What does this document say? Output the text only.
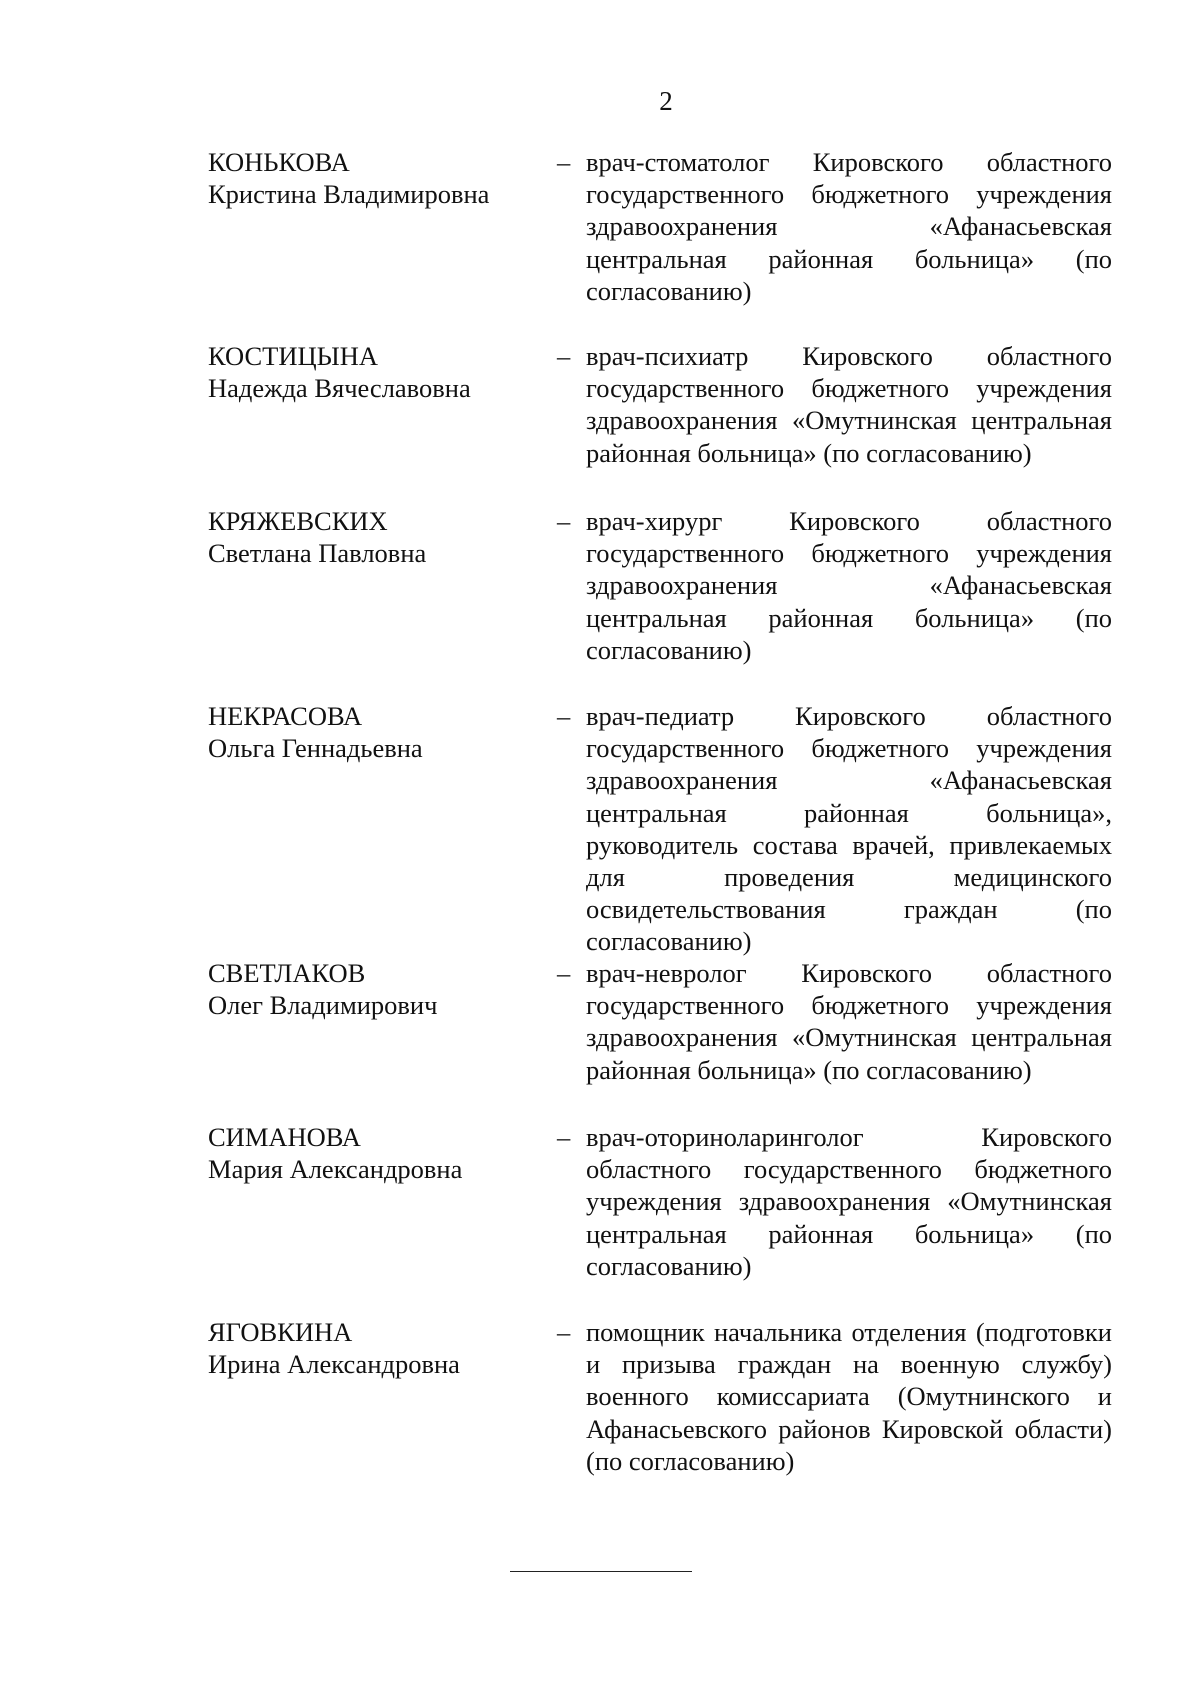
2
КОНЬКОВА
Кристина Владимировна
– врач-стоматолог Кировского областного государственного бюджетного учреждения здравоохранения «Афанасьевская центральная районная больница» (по согласованию)
КОСТИЦЫНА
Надежда Вячеславовна
– врач-психиатр Кировского областного государственного бюджетного учреждения здравоохранения «Омутнинская центральная районная больница» (по согласованию)
КРЯЖЕВСКИХ
Светлана Павловна
– врач-хирург Кировского областного государственного бюджетного учреждения здравоохранения «Афанасьевская центральная районная больница» (по согласованию)
НЕКРАСОВА
Ольга Геннадьевна
– врач-педиатр Кировского областного государственного бюджетного учреждения здравоохранения «Афанасьевская центральная районная больница», руководитель состава врачей, привлекаемых для проведения медицинского освидетельствования граждан (по согласованию)
СВЕТЛАКОВ
Олег Владимирович
– врач-невролог Кировского областного государственного бюджетного учреждения здравоохранения «Омутнинская центральная районная больница» (по согласованию)
СИМАНОВА
Мария Александровна
– врач-оториноларинголог Кировского областного государственного бюджетного учреждения здравоохранения «Омутнинская центральная районная больница» (по согласованию)
ЯГОВКИНА
Ирина Александровна
– помощник начальника отделения (подготовки и призыва граждан на военную службу) военного комиссариата (Омутнинского и Афанасьевского районов Кировской области) (по согласованию)
